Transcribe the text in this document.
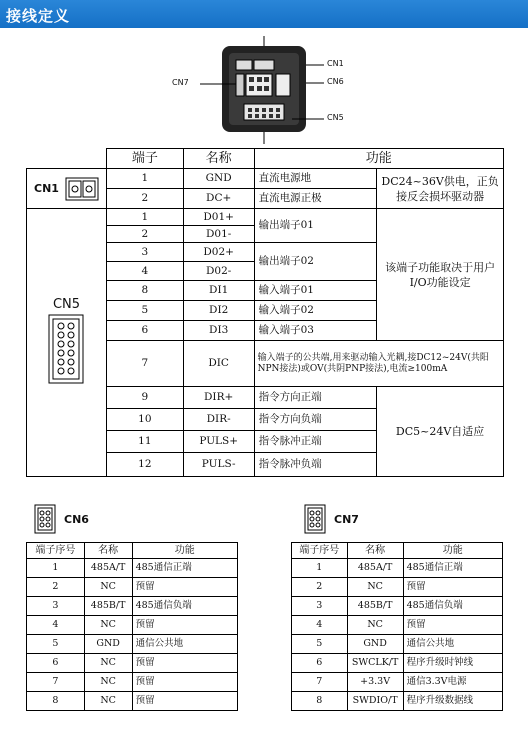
接线定义
CN1
CN6
CN7
CN5
	端子	名称	功能	

CN1	1	GND	直流电源地	DC24~36V供电，正负接反会损坏驱动器
	2	DC+	直流电源正极	

CN5	1	D01+	输出端子01	该端子功能取决于用户I/O功能设定
	2	D01-		
	3	D02+	输出端子02	
	4	D02-		
	8	DI1	输入端子01	
	5	DI2	输入端子02	
	6	DI3	输入端子03	
	7	DIC	输入端子的公共端,用来驱动输入光耦,接DC12~24V(共阳NPN接法)或OV(共阴PNP接法),电流≥100mA	
	9	DIR+	指令方向正端	DC5~24V自适应
	10	DIR-	指令方向负端	
	11	PULS+	指令脉冲正端	
	12	PULS-	指令脉冲负端	
CN6	CN7
端子序号	名称	功能
1	485A/T	485通信正端
2	NC	预留
3	485B/T	485通信负端
4	NC	预留
5	GND	通信公共地
6	NC	预留
7	NC	预留
8	NC	预留
端子序号	名称	功能
1	485A/T	485通信正端
2	NC	预留
3	485B/T	485通信负端
4	NC	预留
5	GND	通信公共地
6	SWCLK/T	程序升级时钟线
7	+3.3V	通信3.3V电源
8	SWDIO/T	程序升级数据线
